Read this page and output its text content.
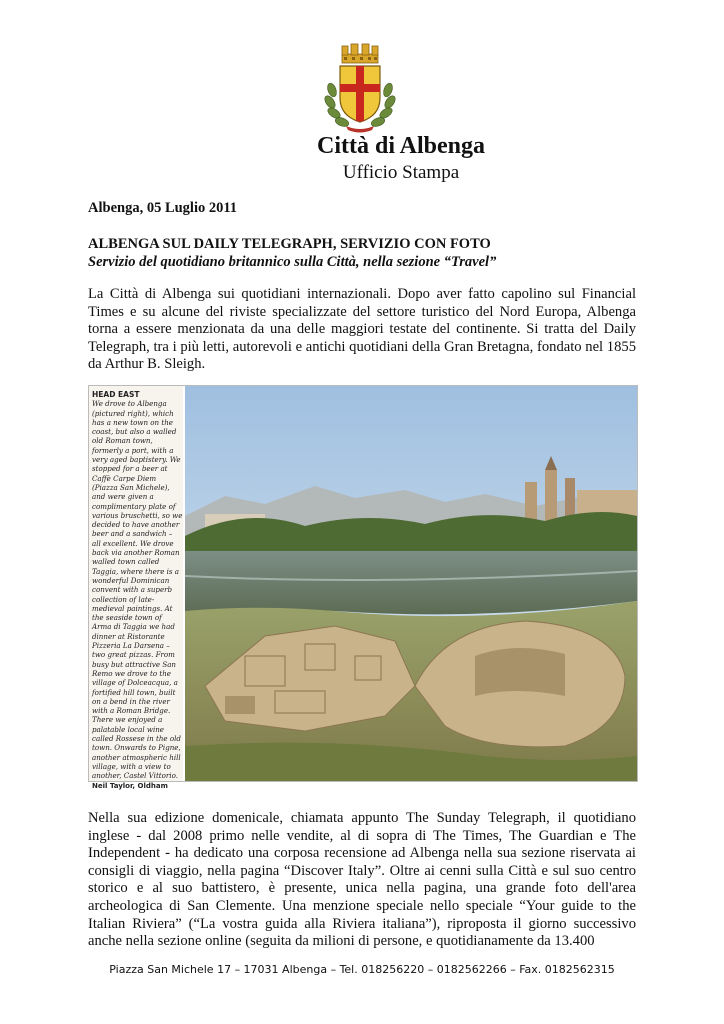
Città di Albenga
Ufficio Stampa
Albenga, 05 Luglio 2011
ALBENGA SUL DAILY TELEGRAPH, SERVIZIO CON FOTO
Servizio del quotidiano britannico sulla Città, nella sezione “Travel”
La Città di Albenga sui quotidiani internazionali. Dopo aver fatto capolino sul Financial Times e su alcune del riviste specializzate del settore turistico del Nord Europa, Albenga torna a essere menzionata da una delle maggiori testate del continente. Si tratta del Daily Telegraph, tra i più letti, autorevoli e antichi quotidiani della Gran Bretagna, fondato nel 1855 da Arthur B. Sleigh.
HEAD EAST
We drove to Albenga (pictured right), which has a new town on the coast, but also a walled old Roman town, formerly a port, with a very aged baptistery. We stopped for a beer at Caffè Carpe Diem (Piazza San Michele), and were given a complimentary plate of various bruschetti, so we decided to have another beer and a sandwich – all excellent. We drove back via another Roman walled town called Taggia, where there is a wonderful Dominican convent with a superb collection of late-medieval paintings. At the seaside town of Arma di Taggia we had dinner at Ristorante Pizzeria La Darsena – two great pizzas. From busy but attractive San Remo we drove to the village of Dolceacqua, a fortified hill town, built on a bend in the river with a Roman Bridge. There we enjoyed a palatable local wine called Rossese in the old town. Onwards to Pigne, another atmospheric hill village, with a view to another, Castel Vittorio.
Neil Taylor, Oldham
Nella sua edizione domenicale, chiamata appunto The Sunday Telegraph, il quotidiano inglese - dal 2008 primo nelle vendite, al di sopra di The Times, The Guardian e The Independent - ha dedicato una corposa recensione ad Albenga nella sua sezione riservata ai consigli di viaggio, nella pagina “Discover Italy”. Oltre ai cenni sulla Città e sul suo centro storico e al suo battistero, è presente, unica nella pagina, una grande foto dell'area archeologica di San Clemente. Una menzione speciale nello speciale “Your guide to the Italian Riviera” (“La vostra guida alla Riviera italiana”), riproposta il giorno successivo anche nella sezione online (seguita da milioni di persone, e quotidianamente da 13.400
Piazza San Michele 17 – 17031 Albenga – Tel. 018256220 – 0182562266 – Fax. 0182562315
